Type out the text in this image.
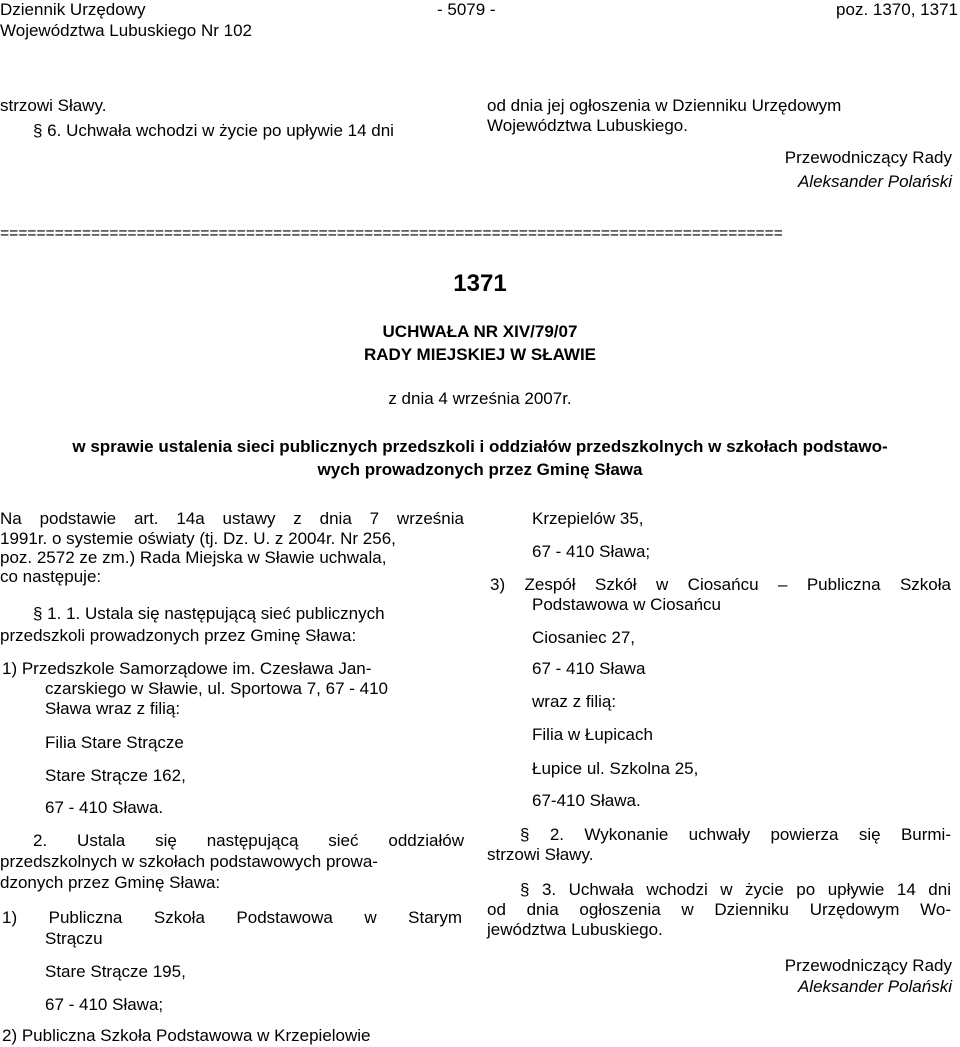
Dziennik Urzędowy
Województwa Lubuskiego Nr 102
- 5079 -	poz. 1370, 1371
strzowi Sławy.
§ 6. Uchwała wchodzi w życie po upływie 14 dni
od dnia jej ogłoszenia w Dzienniku Urzędowym
Województwa Lubuskiego.
Przewodniczący Rady
Aleksander Polański
======================================================================================
1371
UCHWAŁA NR XIV/79/07
RADY MIEJSKIEJ W SŁAWIE
z dnia 4 września 2007r.
w sprawie ustalenia sieci publicznych przedszkoli i oddziałów przedszkolnych w szkołach podstawo-
wych prowadzonych przez Gminę Sława
Na podstawie art. 14a ustawy z dnia 7 września
1991r. o systemie oświaty (tj. Dz. U. z 2004r. Nr 256,
poz. 2572 ze zm.) Rada Miejska w Sławie uchwala,
co następuje:
§ 1. 1. Ustala się następującą sieć publicznych
przedszkoli prowadzonych przez Gminę Sława:
1) Przedszkole Samorządowe im. Czesława Jan-
czarskiego w Sławie, ul. Sportowa 7, 67 - 410
Sława wraz z filią:
Filia Stare Strącze
Stare Strącze 162,
67 - 410 Sława.
2. Ustala się następującą sieć oddziałów
przedszkolnych w szkołach podstawowych prowa-
dzonych przez Gminę Sława:
1) Publiczna Szkoła Podstawowa w Starym
Strączu
Stare Strącze 195,
67 - 410 Sława;
2) Publiczna Szkoła Podstawowa w Krzepielowie
Krzepielów 35,
67 - 410 Sława;
3) Zespół Szkół w Ciosańcu – Publiczna Szkoła
Podstawowa w Ciosańcu
Ciosaniec 27,
67 - 410 Sława
wraz z filią:
Filia w Łupicach
Łupice ul. Szkolna 25,
67-410 Sława.
§ 2. Wykonanie uchwały powierza się Burmi-
strzowi Sławy.
§ 3. Uchwała wchodzi w życie po upływie 14 dni
od dnia ogłoszenia w Dzienniku Urzędowym Wo-
jewództwa Lubuskiego.
Przewodniczący Rady
Aleksander Polański
